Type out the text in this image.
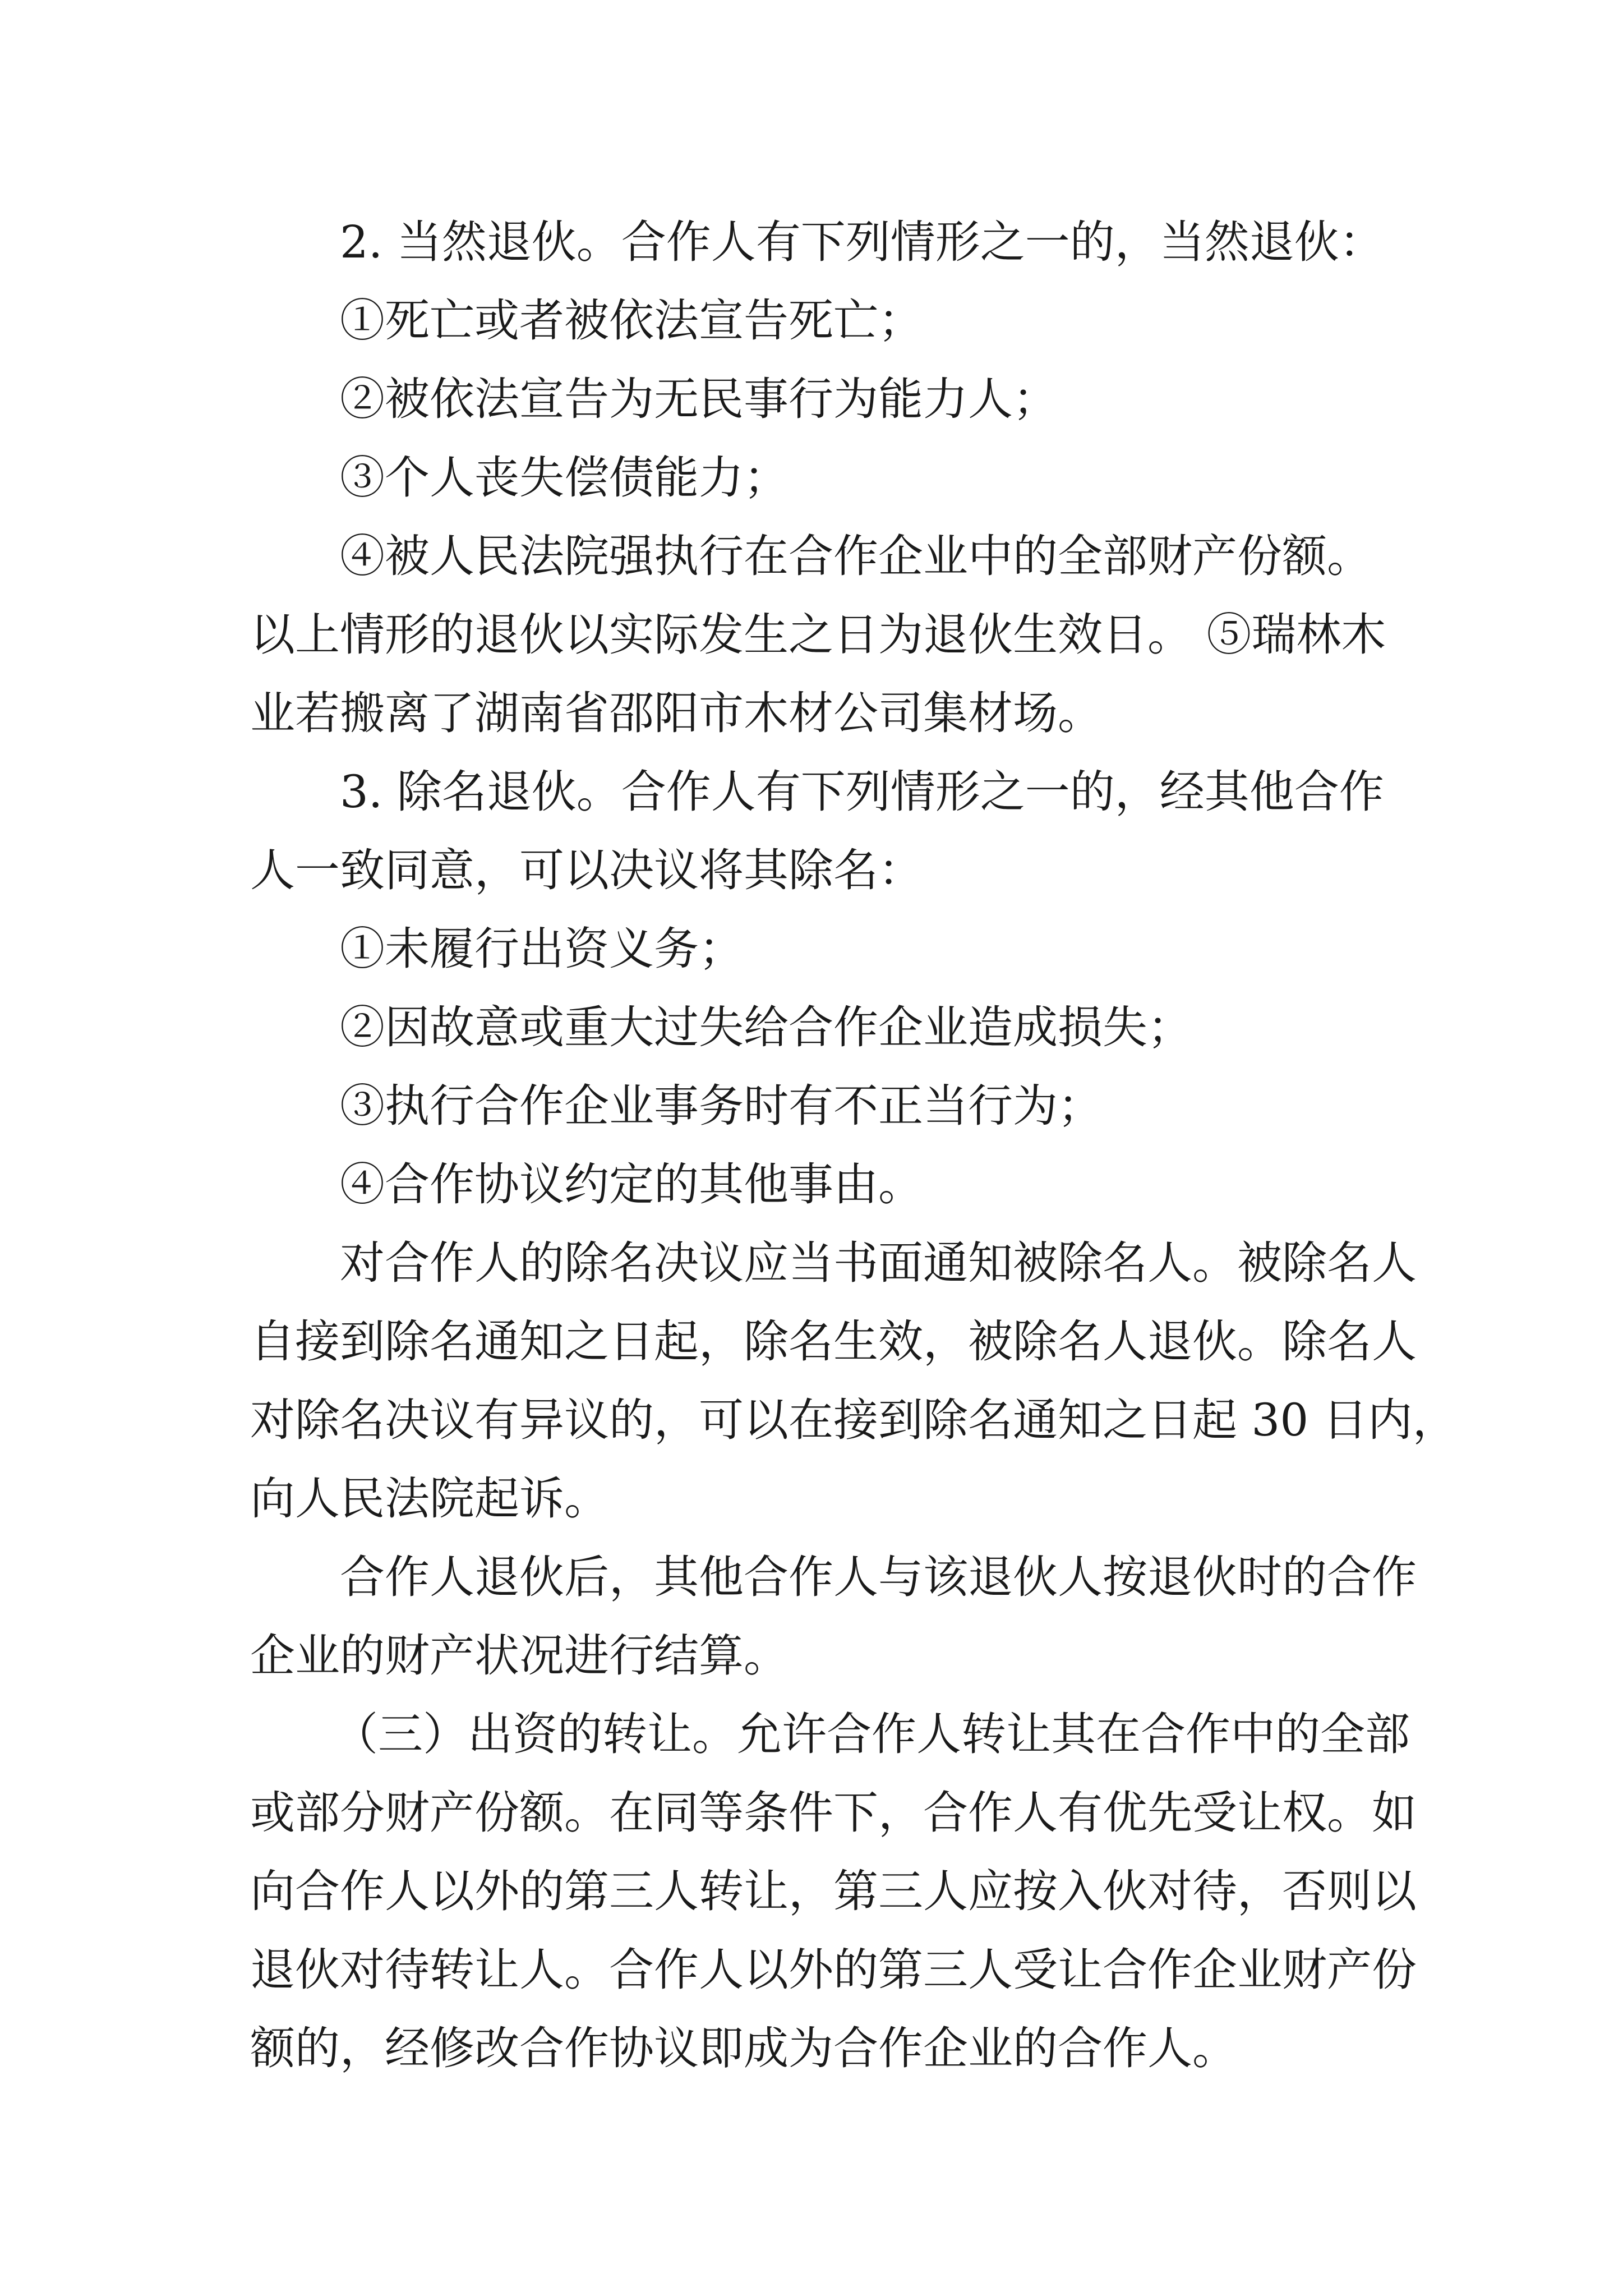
2. 当然退伙。合作人有下列情形之一的，当然退伙：
①死亡或者被依法宣告死亡；
②被依法宣告为无民事行为能力人；
③个人丧失偿债能力；
④被人民法院强执行在合作企业中的全部财产份额。
以上情形的退伙以实际发生之日为退伙生效日。 ⑤瑞林木
业若搬离了湖南省邵阳市木材公司集材场。
3. 除名退伙。合作人有下列情形之一的，经其他合作
人一致同意，可以决议将其除名：
①未履行出资义务；
②因故意或重大过失给合作企业造成损失；
③执行合作企业事务时有不正当行为；
④合作协议约定的其他事由。
对合作人的除名决议应当书面通知被除名人。被除名人
自接到除名通知之日起，除名生效，被除名人退伙。除名人
对除名决议有异议的，可以在接到除名通知之日起 30 日内，
向人民法院起诉。
合作人退伙后，其他合作人与该退伙人按退伙时的合作
企业的财产状况进行结算。
（三）出资的转让。允许合作人转让其在合作中的全部
或部分财产份额。在同等条件下，合作人有优先受让权。如
向合作人以外的第三人转让，第三人应按入伙对待，否则以
退伙对待转让人。合作人以外的第三人受让合作企业财产份
额的，经修改合作协议即成为合作企业的合作人。
